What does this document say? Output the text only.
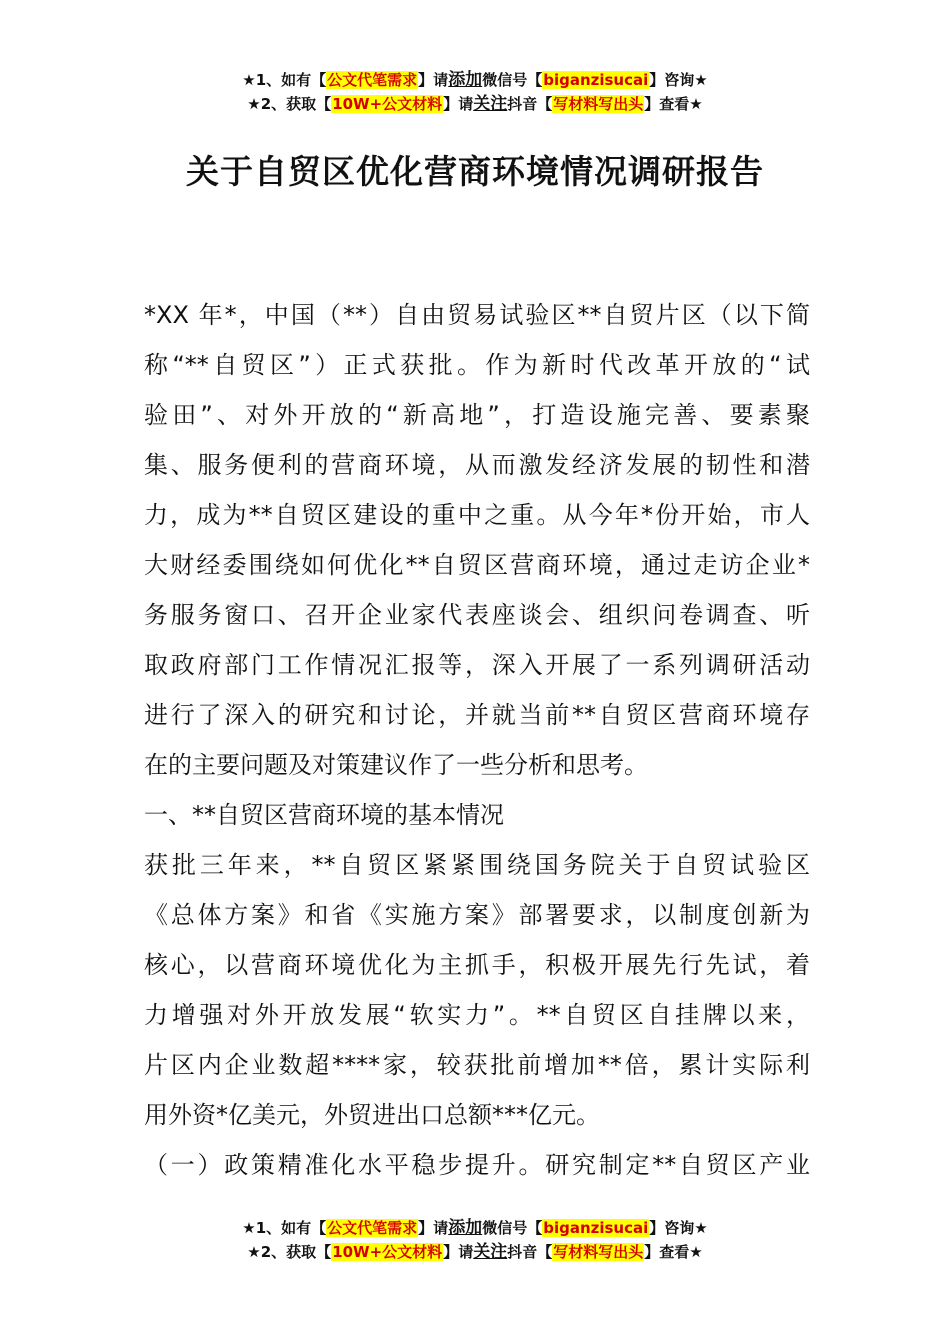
★1、如有【公文代笔需求】请添加微信号【biganzisucai】咨询★
★2、获取【10W+公文材料】请关注抖音【写材料写出头】查看★
关于自贸区优化营商环境情况调研报告
*XX 年*，中国（**）自由贸易试验区**自贸片区（以下简
称“**自贸区”）正式获批。作为新时代改革开放的“试
验田”、对外开放的“新高地”，打造设施完善、要素聚
集、服务便利的营商环境，从而激发经济发展的韧性和潜
力，成为**自贸区建设的重中之重。从今年*份开始，市人
大财经委围绕如何优化**自贸区营商环境，通过走访企业*
务服务窗口、召开企业家代表座谈会、组织问卷调查、听
取政府部门工作情况汇报等，深入开展了一系列调研活动
进行了深入的研究和讨论，并就当前**自贸区营商环境存
在的主要问题及对策建议作了一些分析和思考。
一、**自贸区营商环境的基本情况
获批三年来，**自贸区紧紧围绕国务院关于自贸试验区
《总体方案》和省《实施方案》部署要求，以制度创新为
核心，以营商环境优化为主抓手，积极开展先行先试，着
力增强对外开放发展“软实力”。**自贸区自挂牌以来，
片区内企业数超****家，较获批前增加**倍，累计实际利
用外资*亿美元，外贸进出口总额***亿元。
（一）政策精准化水平稳步提升。研究制定**自贸区产业
★1、如有【公文代笔需求】请添加微信号【biganzisucai】咨询★
★2、获取【10W+公文材料】请关注抖音【写材料写出头】查看★
